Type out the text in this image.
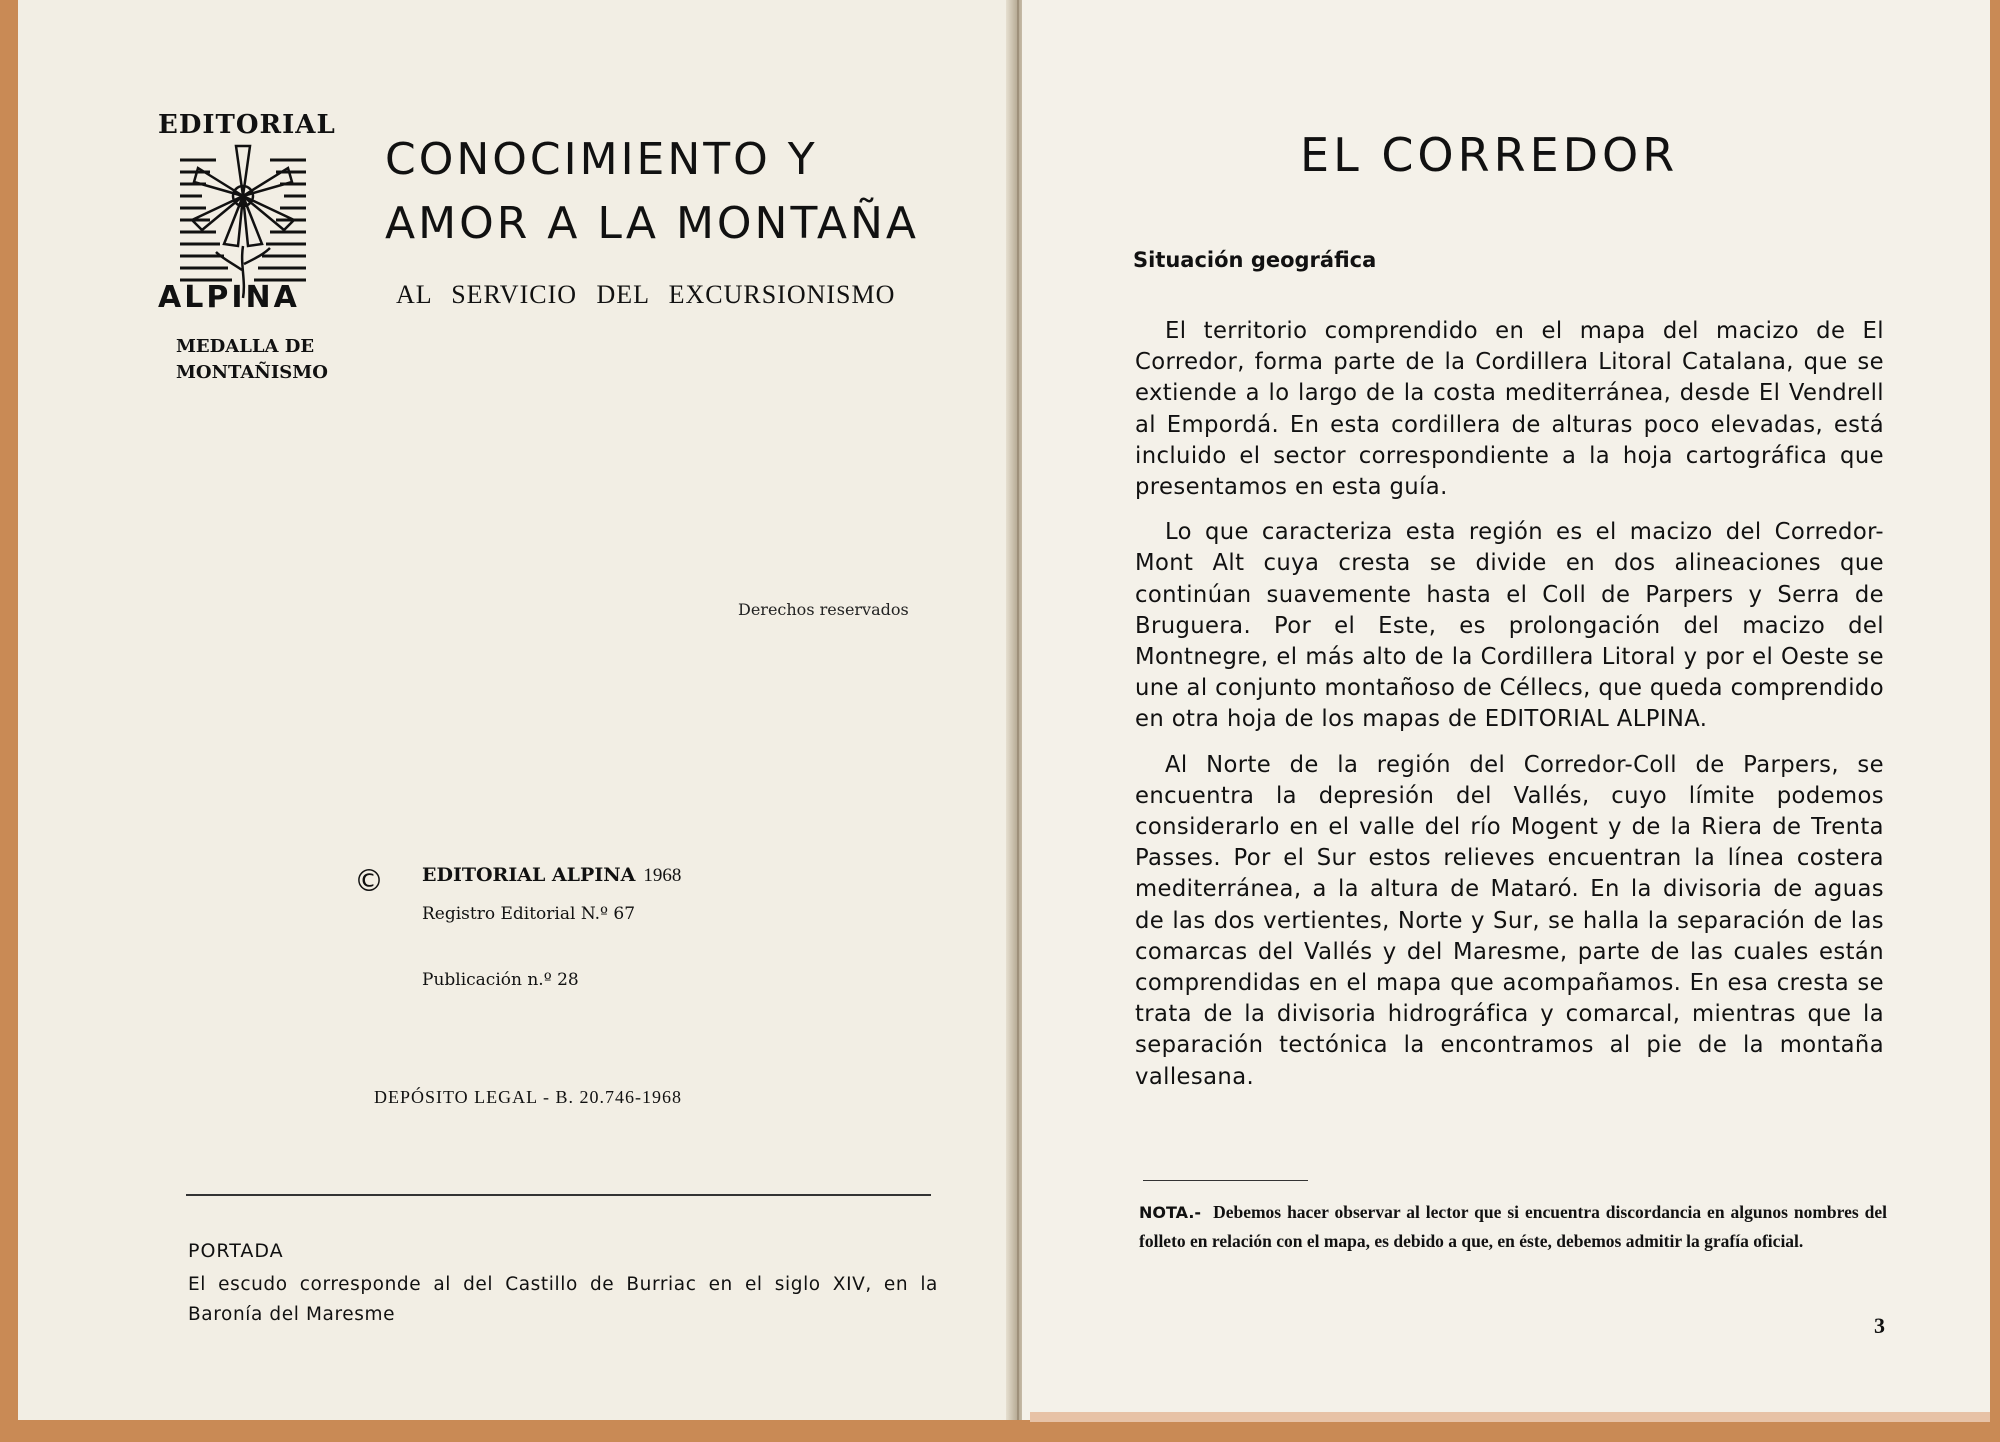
EDITORIAL
ALPINA
MEDALLA DE
MONTAÑISMO
CONOCIMIENTO Y
AMOR A LA MONTAÑA
AL SERVICIO DEL EXCURSIONISMO
Derechos reservados
©	EDITORIAL ALPINA 1968
Registro Editorial N.º 67
Publicación n.º 28
DEPÓSITO LEGAL - B. 20.746-1968
PORTADA
El escudo corresponde al del Castillo de Burriac en el siglo XIV, en la Baronía del Maresme
EL CORREDOR
Situación geográfica

El territorio comprendido en el mapa del macizo de El Corredor, forma parte de la Cordillera Litoral Catalana, que se extiende a lo largo de la costa mediterránea, desde El Vendrell al Empordá. En esta cordillera de alturas poco elevadas, está incluido el sector correspondiente a la hoja cartográfica que presentamos en esta guía.

Lo que caracteriza esta región es el macizo del Corredor-Mont Alt cuya cresta se divide en dos alineaciones que continúan suavemente hasta el Coll de Parpers y Serra de Bruguera. Por el Este, es prolongación del macizo del Montnegre, el más alto de la Cordillera Litoral y por el Oeste se une al conjunto montañoso de Céllecs, que queda comprendido en otra hoja de los mapas de EDITORIAL ALPINA.

Al Norte de la región del Corredor-Coll de Parpers, se encuentra la depresión del Vallés, cuyo límite podemos considerarlo en el valle del río Mogent y de la Riera de Trenta Passes. Por el Sur estos relieves encuentran la línea costera mediterránea, a la altura de Mataró. En la divisoria de aguas de las dos vertientes, Norte y Sur, se halla la separación de las comarcas del Vallés y del Maresme, parte de las cuales están comprendidas en el mapa que acompañamos. En esa cresta se trata de la divisoria hidrográfica y comarcal, mientras que la separación tectónica la encontramos al pie de la montaña vallesana.

NOTA.- Debemos hacer observar al lector que si encuentra discordancia en algunos nombres del folleto en relación con el mapa, es debido a que, en éste, debemos admitir la grafía oficial.
3
